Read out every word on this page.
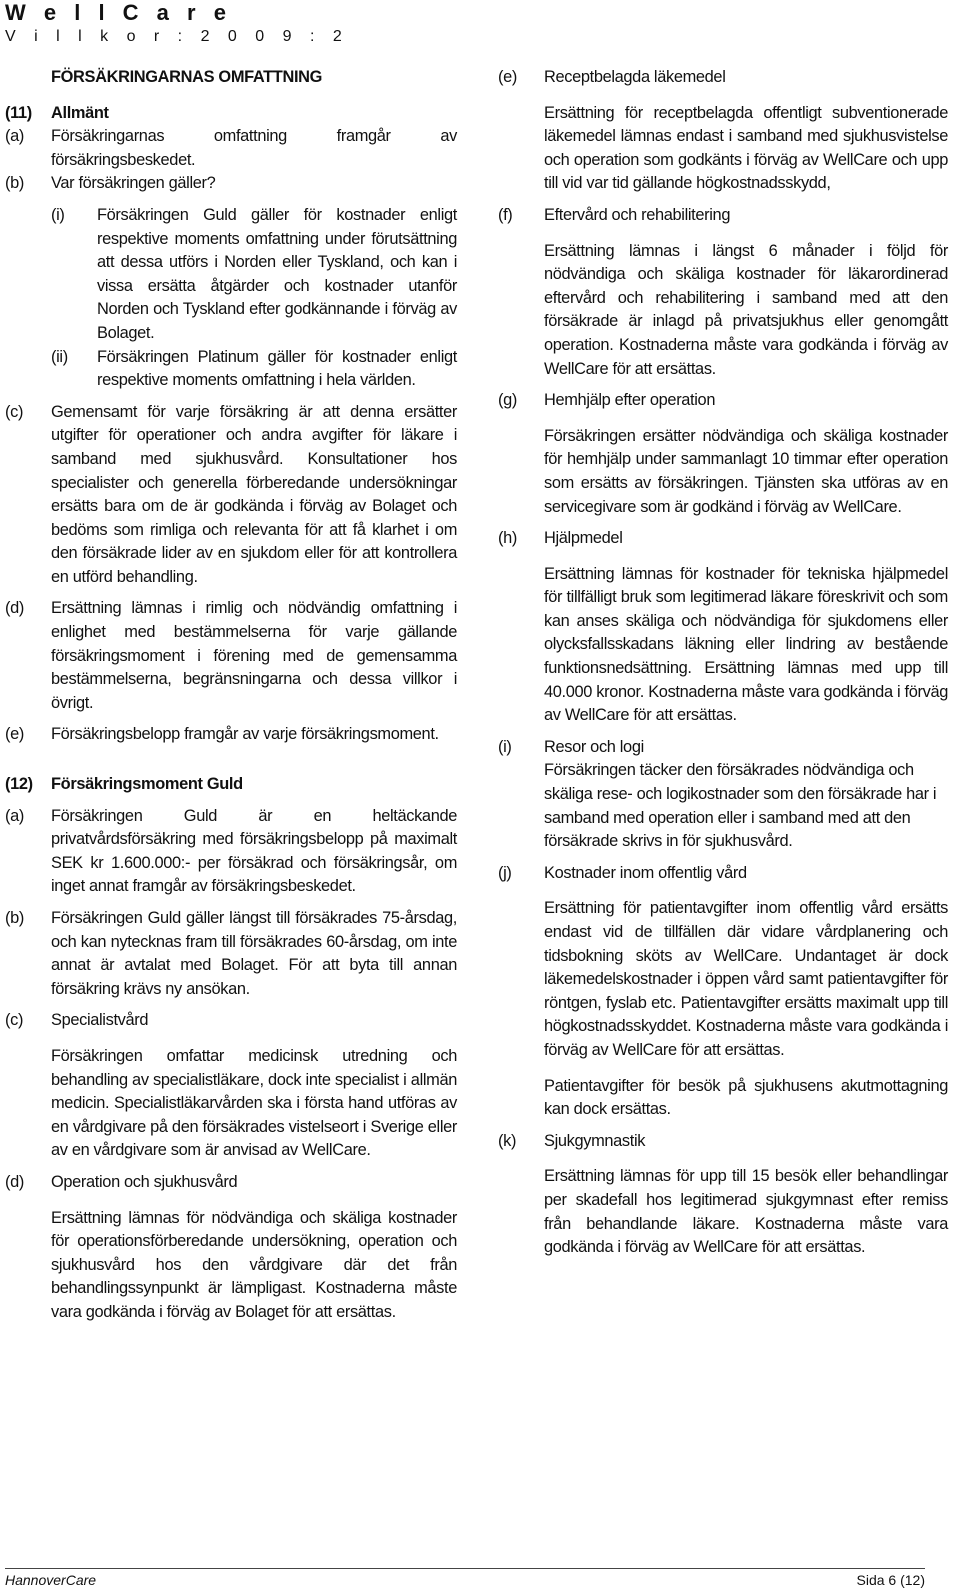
W e l l C a r e
V i l l k o r : 2 0 0 9 : 2
FÖRSÄKRINGARNAS OMFATTNING
(11) Allmänt
(a) Försäkringarnas omfattning framgår av försäkringsbeskedet.
(b) Var försäkringen gäller?
(i) Försäkringen Guld gäller för kostnader enligt respektive moments omfattning under förutsättning att dessa utförs i Norden eller Tyskland, och kan i vissa ersätta åtgärder och kostnader utanför Norden och Tyskland efter godkännande i förväg av Bolaget.
(ii) Försäkringen Platinum gäller för kostnader enligt respektive moments omfattning i hela världen.
(c) Gemensamt för varje försäkring är att denna ersätter utgifter för operationer och andra avgifter för läkare i samband med sjukhusvård. Konsultationer hos specialister och generella förberedande undersökningar ersätts bara om de är godkända i förväg av Bolaget och bedöms som rimliga och relevanta för att få klarhet i om den försäkrade lider av en sjukdom eller för att kontrollera en utförd behandling.
(d) Ersättning lämnas i rimlig och nödvändig omfattning i enlighet med bestämmelserna för varje gällande försäkringsmoment i förening med de gemensamma bestämmelserna, begränsningarna och dessa villkor i övrigt.
(e) Försäkringsbelopp framgår av varje försäkringsmoment.
(12) Försäkringsmoment Guld
(a) Försäkringen Guld är en heltäckande privatvårdsförsäkring med försäkringsbelopp på maximalt SEK kr 1.600.000:- per försäkrad och försäkringsår, om inget annat framgår av försäkringsbeskedet.
(b) Försäkringen Guld gäller längst till försäkrades 75-årsdag, och kan nytecknas fram till försäkrades 60-årsdag, om inte annat är avtalat med Bolaget. För att byta till annan försäkring krävs ny ansökan.
(c) Specialistvård
Försäkringen omfattar medicinsk utredning och behandling av specialistläkare, dock inte specialist i allmän medicin. Specialistläkarvården ska i första hand utföras av en vårdgivare på den försäkrades vistelseort i Sverige eller av en vårdgivare som är anvisad av WellCare.
(d) Operation och sjukhusvård
Ersättning lämnas för nödvändiga och skäliga kostnader för operationsförberedande undersökning, operation och sjukhusvård hos den vårdgivare där det från behandlingssynpunkt är lämpligast. Kostnaderna måste vara godkända i förväg av Bolaget för att ersättas.
(e) Receptbelagda läkemedel
Ersättning för receptbelagda offentligt subventionerade läkemedel lämnas endast i samband med sjukhusvistelse och operation som godkänts i förväg av WellCare och upp till vid var tid gällande högkostnadsskydd,
(f) Eftervård och rehabilitering
Ersättning lämnas i längst 6 månader i följd för nödvändiga och skäliga kostnader för läkarordinerad eftervård och rehabilitering i samband med att den försäkrade är inlagd på privatsjukhus eller genomgått operation. Kostnaderna måste vara godkända i förväg av WellCare för att ersättas.
(g) Hemhjälp efter operation
Försäkringen ersätter nödvändiga och skäliga kostnader för hemhjälp under sammanlagt 10 timmar efter operation som ersätts av försäkringen. Tjänsten ska utföras av en servicegivare som är godkänd i förväg av WellCare.
(h) Hjälpmedel
Ersättning lämnas för kostnader för tekniska hjälpmedel för tillfälligt bruk som legitimerad läkare föreskrivit och som kan anses skäliga och nödvändiga för sjukdomens eller olycksfallsskadans läkning eller lindring av bestående funktionsnedsättning. Ersättning lämnas med upp till 40.000 kronor. Kostnaderna måste vara godkända i förväg av WellCare för att ersättas.
(i) Resor och logi
Försäkringen täcker den försäkrades nödvändiga och skäliga rese- och logikostnader som den försäkrade har i samband med operation eller i samband med att den försäkrade skrivs in för sjukhusvård.
(j) Kostnader inom offentlig vård
Ersättning för patientavgifter inom offentlig vård ersätts endast vid de tillfällen där vidare vårdplanering och tidsbokning sköts av WellCare. Undantaget är dock läkemedelskostnader i öppen vård samt patientavgifter för röntgen, fyslab etc. Patientavgifter ersätts maximalt upp till högkostnadsskyddet. Kostnaderna måste vara godkända i förväg av WellCare för att ersättas.
Patientavgifter för besök på sjukhusens akutmottagning kan dock ersättas.
(k) Sjukgymnastik
Ersättning lämnas för upp till 15 besök eller behandlingar per skadefall hos legitimerad sjukgymnast efter remiss från behandlande läkare. Kostnaderna måste vara godkända i förväg av WellCare för att ersättas.
HannoverCare	Sida 6 (12)
